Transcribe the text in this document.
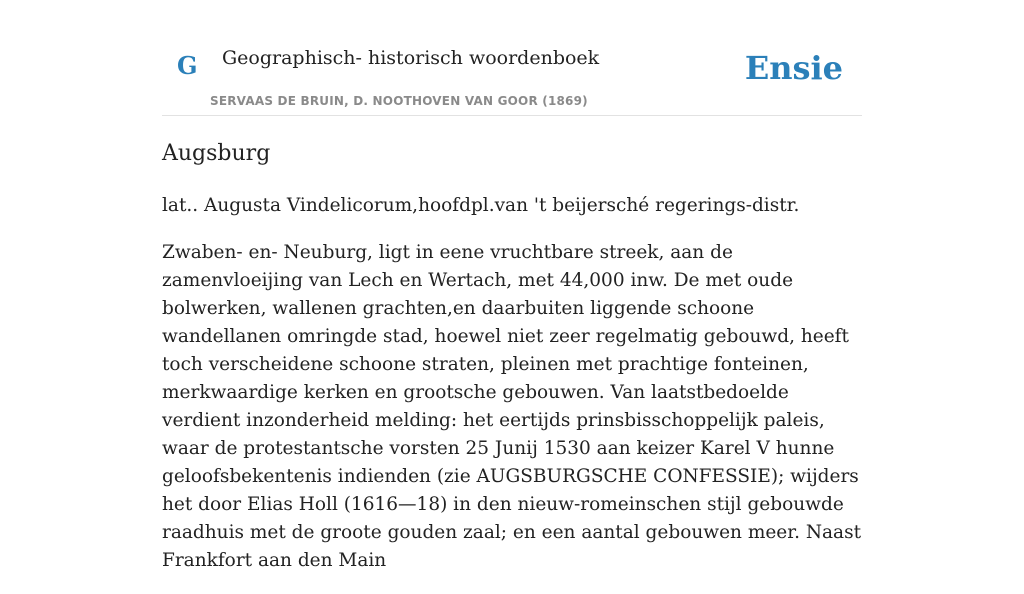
G Geographisch- historisch woordenboek
SERVAAS DE BRUIN, D. NOOTHOVEN VAN GOOR (1869)
Ensie
Augsburg

lat.. Augusta Vindelicorum,hoofdpl.van 't beijersché regerings-distr.

Zwaben- en- Neuburg, ligt in eene vruchtbare streek, aan de zamenvloeijing van Lech en Wertach, met 44,000 inw. De met oude bolwerken, wallenen grachten,en daarbuiten liggende schoone wandellanen omringde stad, hoewel niet zeer regelmatig gebouwd, heeft toch verscheidene schoone straten, pleinen met prachtige fonteinen, merkwaardige kerken en grootsche gebouwen. Van laatstbedoelde verdient inzonderheid melding: het eertijds prinsbisschoppelijk paleis, waar de protestantsche vorsten 25 Junij 1530 aan keizer Karel V hunne geloofsbekentenis indienden (zie AUGSBURGSCHE CONFESSIE); wijders het door Elias Holl (1616—18) in den nieuw-romeinschen stijl gebouwde raadhuis met de groote gouden zaal; en een aantal gebouwen meer. Naast Frankfort aan den Main
